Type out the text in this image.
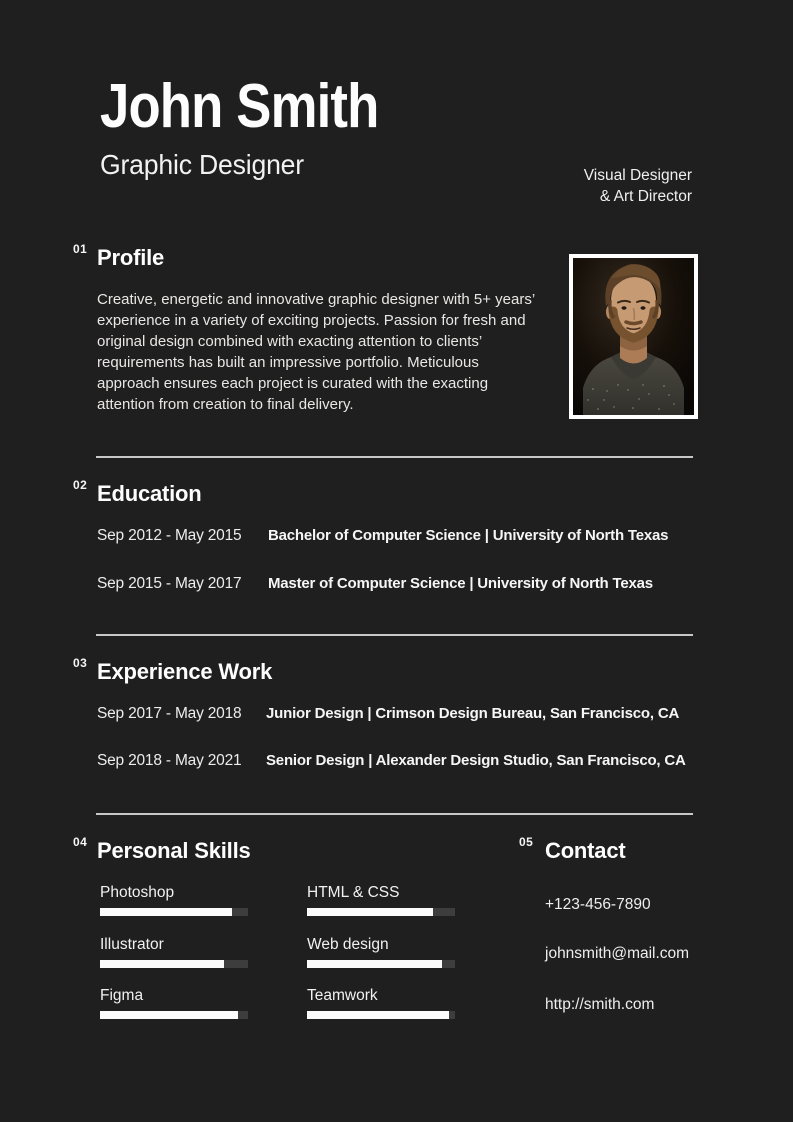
John Smith
Graphic Designer	Visual Designer
& Art Director
01 Profile
Creative, energetic and innovative graphic designer with 5+ years’ experience in a variety of exciting projects. Passion for fresh and original design combined with exacting attention to clients’ requirements has built an impressive portfolio. Meticulous approach ensures each project is curated with the exacting attention from creation to final delivery.
02 Education
Sep 2012 - May 2015 Bachelor of Computer Science | University of North Texas
Sep 2015 - May 2017 Master of Computer Science | University of North Texas
03 Experience Work
Sep 2017 - May 2018 Junior Design | Crimson Design Bureau, San Francisco, CA
Sep 2018 - May 2021 Senior Design | Alexander Design Studio, San Francisco, CA
04 Personal Skills
Photoshop
Illustrator
Figma
HTML & CSS
Web design
Teamwork
05 Contact
+123-456-7890
johnsmith@mail.com
http://smith.com
